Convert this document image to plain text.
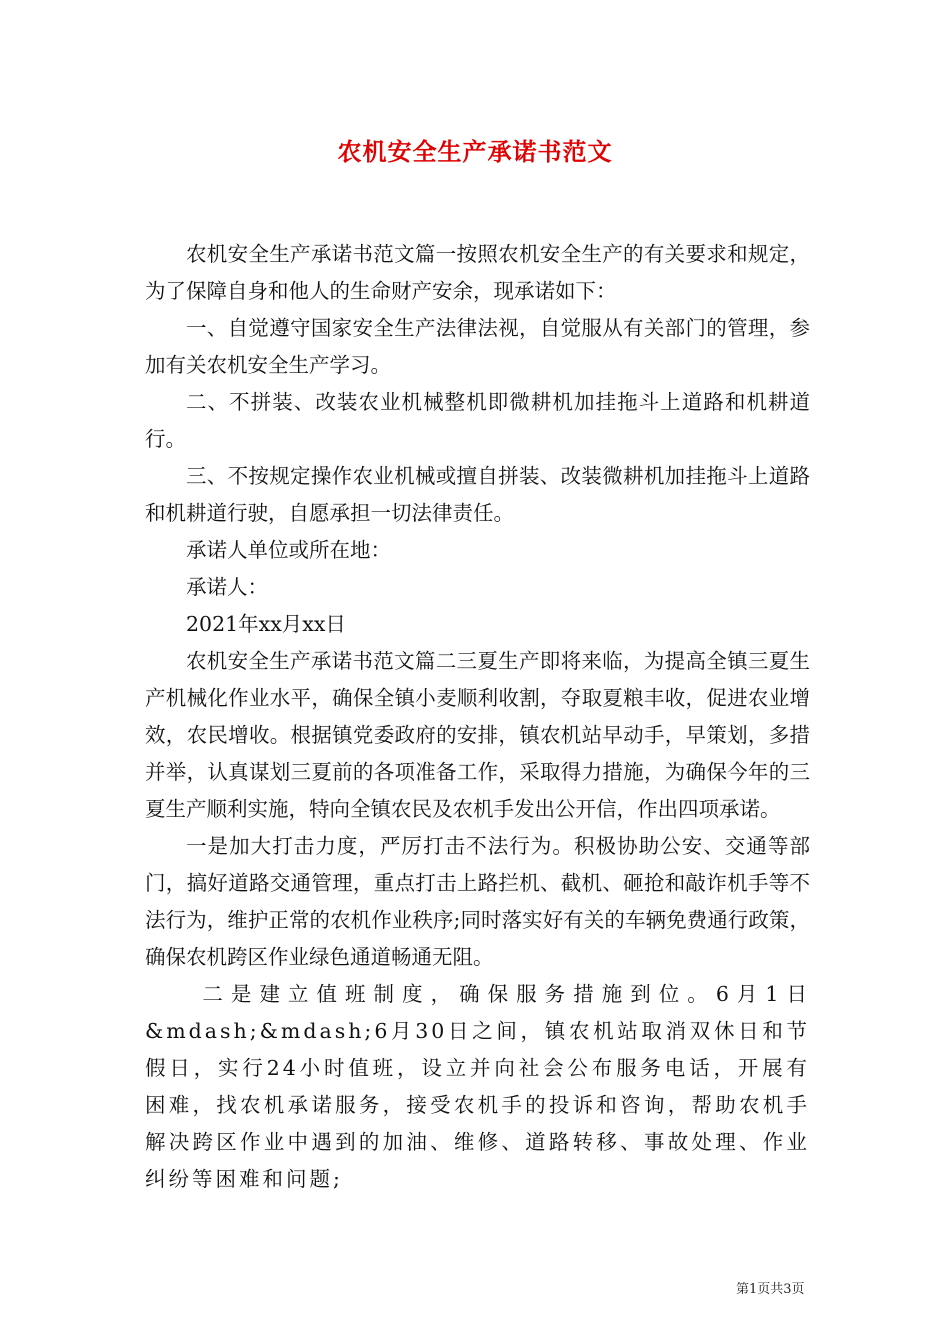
农机安全生产承诺书范文

农机安全生产承诺书范文篇一按照农机安全生产的有关要求和规定，为了保障自身和他人的生命财产安余，现承诺如下：

一、自觉遵守国家安全生产法律法视，自觉服从有关部门的管理，参加有关农机安全生产学习。

二、不拼装、改装农业机械整机即微耕机加挂拖斗上道路和机耕道行。

三、不按规定操作农业机械或擅自拼装、改装微耕机加挂拖斗上道路和机耕道行驶，自愿承担一切法律责任。

承诺人单位或所在地：

承诺人：

2021年xx月xx日

农机安全生产承诺书范文篇二三夏生产即将来临，为提高全镇三夏生产机械化作业水平，确保全镇小麦顺利收割，夺取夏粮丰收，促进农业增效，农民增收。根据镇党委政府的安排，镇农机站早动手，早策划，多措并举，认真谋划三夏前的各项准备工作，采取得力措施，为确保今年的三夏生产顺利实施，特向全镇农民及农机手发出公开信，作出四项承诺。

一是加大打击力度，严厉打击不法行为。积极协助公安、交通等部门，搞好道路交通管理，重点打击上路拦机、截机、砸抢和敲诈机手等不法行为，维护正常的农机作业秩序;同时落实好有关的车辆免费通行政策，确保农机跨区作业绿色通道畅通无阻。

二是建立值班制度，确保服务措施到位。6月1日&mdash;&mdash;6月30日之间，镇农机站取消双休日和节假日，实行24小时值班，设立并向社会公布服务电话，开展有困难，找农机承诺服务，接受农机手的投诉和咨询，帮助农机手解决跨区作业中遇到的加油、维修、道路转移、事故处理、作业纠纷等困难和问题;

第1页共3页
